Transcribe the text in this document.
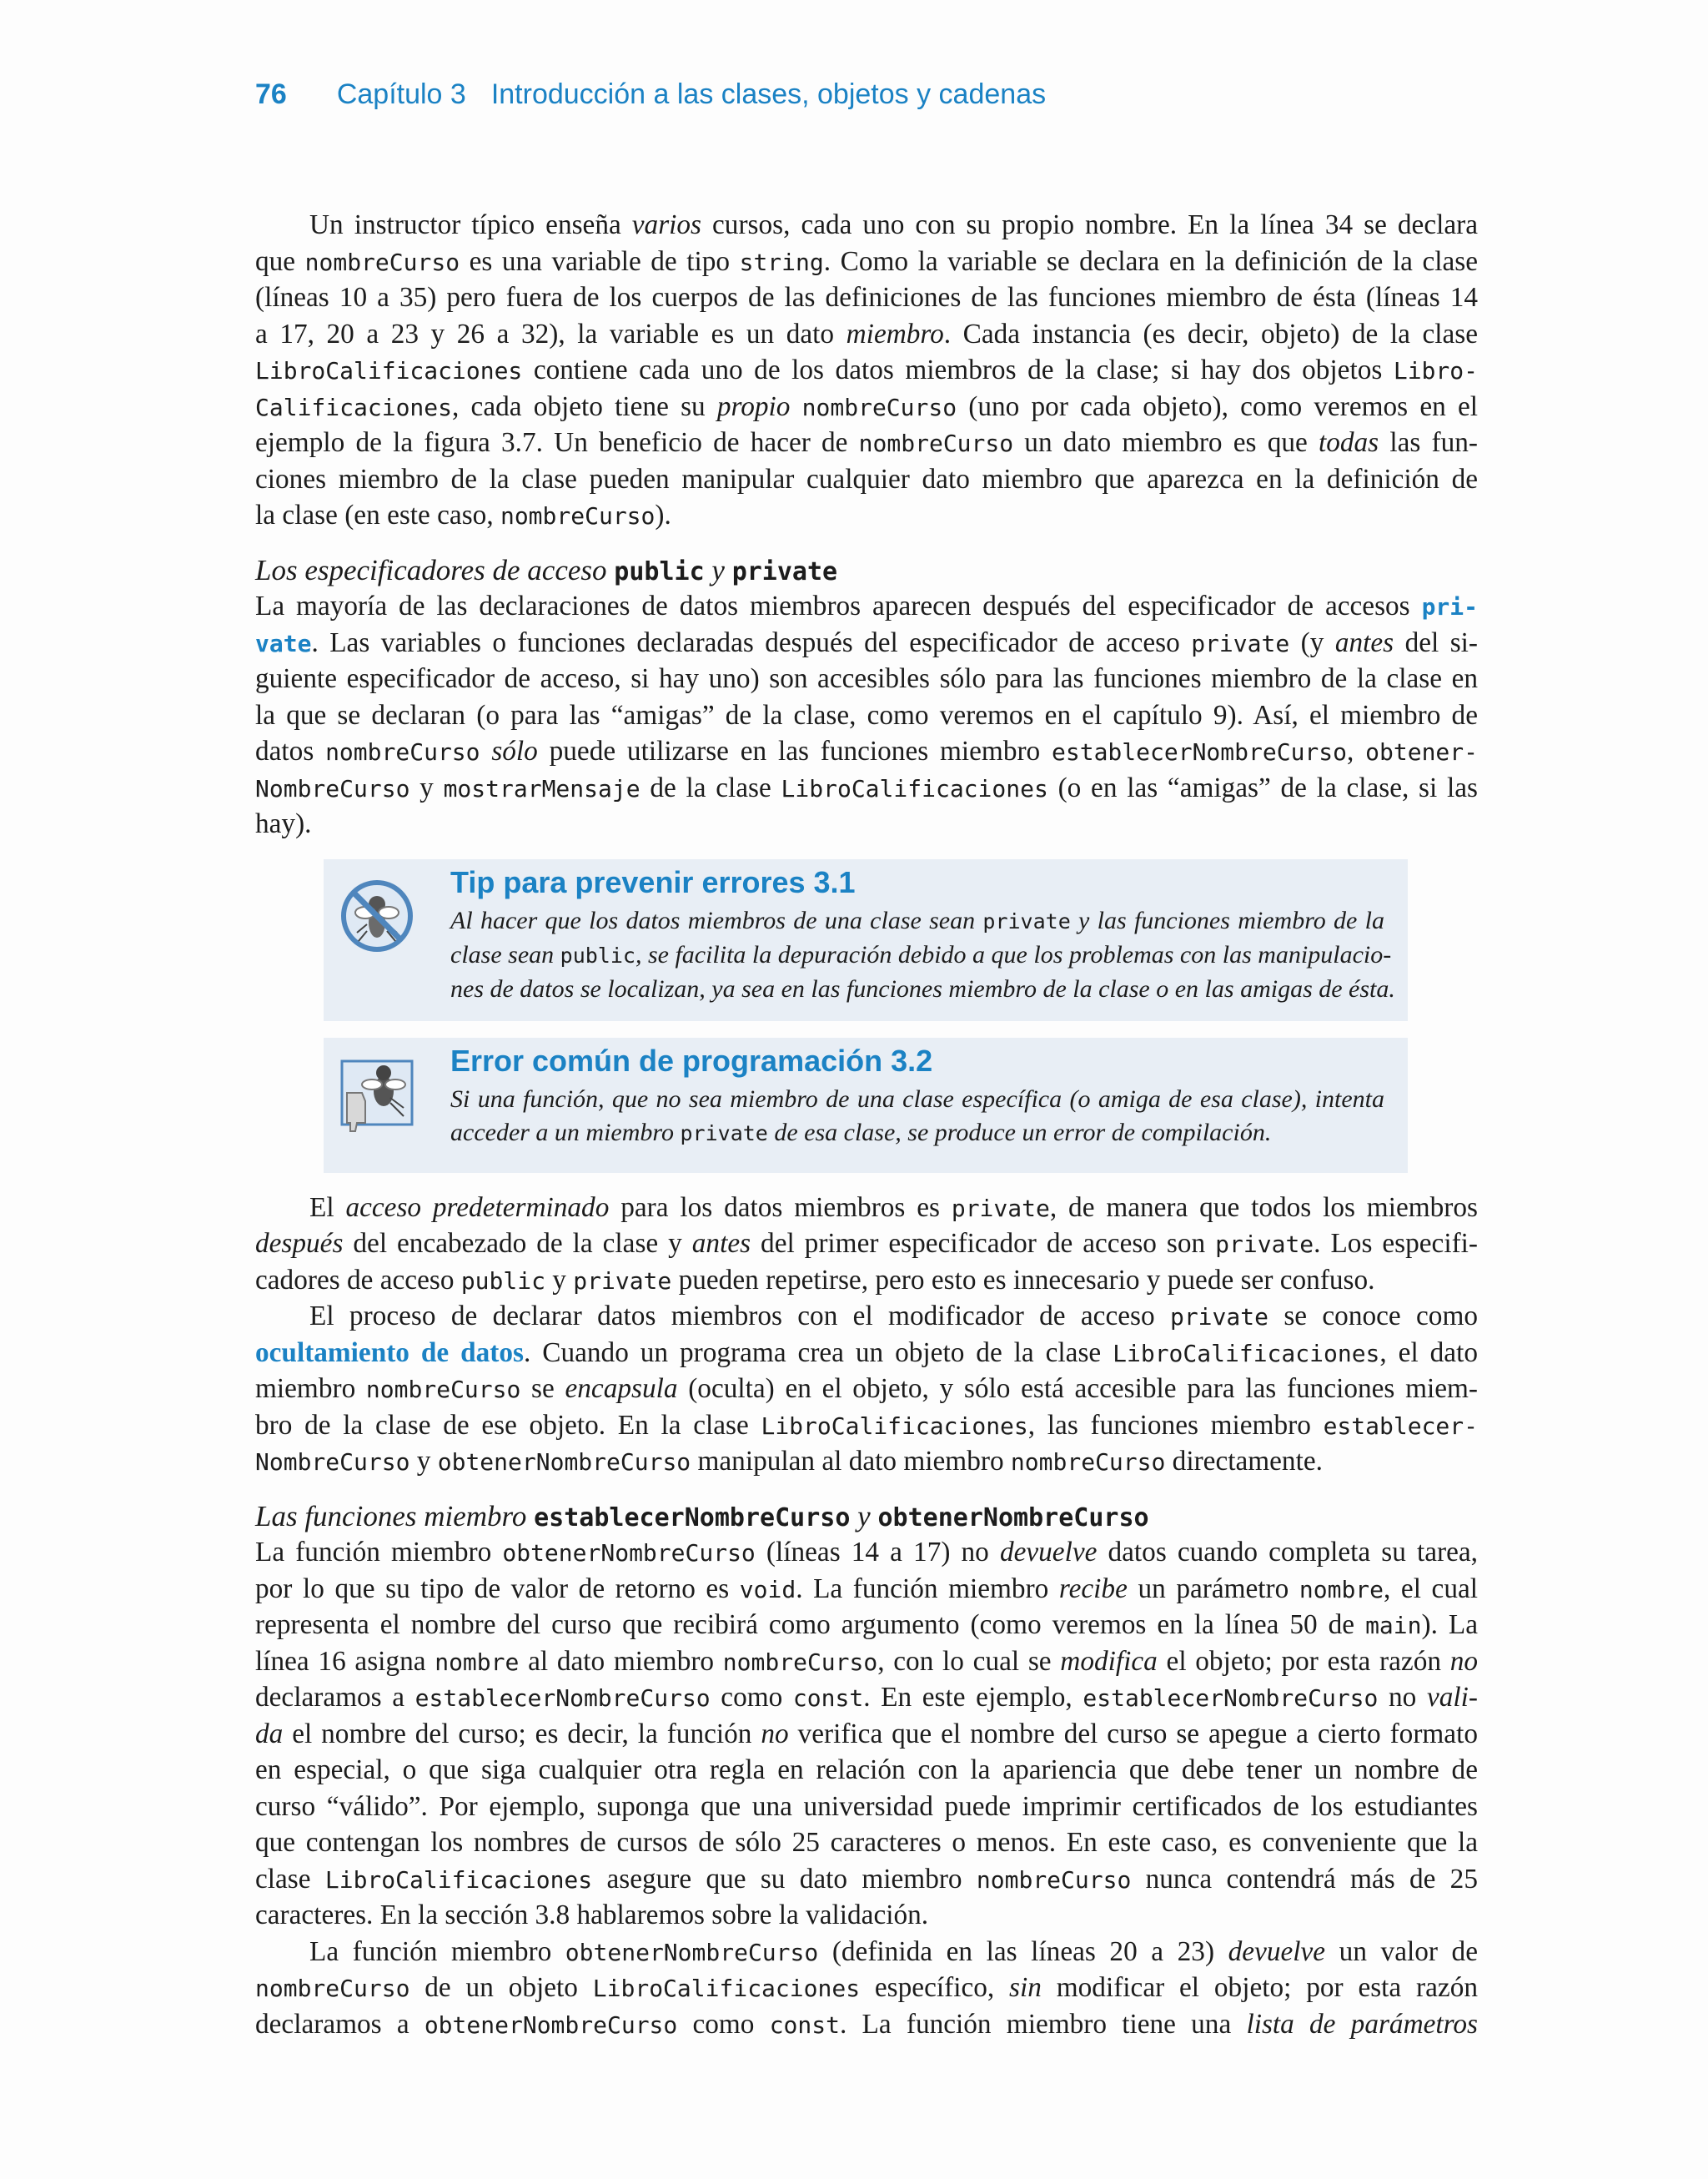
76 Capítulo 3 Introducción a las clases, objetos y cadenas
Un instructor típico enseña varios cursos, cada uno con su propio nombre. En la línea 34 se declara
que nombreCurso es una variable de tipo string. Como la variable se declara en la definición de la clase
(líneas 10 a 35) pero fuera de los cuerpos de las definiciones de las funciones miembro de ésta (líneas 14
a 17, 20 a 23 y 26 a 32), la variable es un dato miembro. Cada instancia (es decir, objeto) de la clase
LibroCalificaciones contiene cada uno de los datos miembros de la clase; si hay dos objetos Libro-
Calificaciones, cada objeto tiene su propio nombreCurso (uno por cada objeto), como veremos en el
ejemplo de la figura 3.7. Un beneficio de hacer de nombreCurso un dato miembro es que todas las fun-
ciones miembro de la clase pueden manipular cualquier dato miembro que aparezca en la definición de
la clase (en este caso, nombreCurso).
Los especificadores de acceso public y private
La mayoría de las declaraciones de datos miembros aparecen después del especificador de accesos pri-
vate. Las variables o funciones declaradas después del especificador de acceso private (y antes del si-
guiente especificador de acceso, si hay uno) son accesibles sólo para las funciones miembro de la clase en
la que se declaran (o para las “amigas” de la clase, como veremos en el capítulo 9). Así, el miembro de
datos nombreCurso sólo puede utilizarse en las funciones miembro establecerNombreCurso, obtener-
NombreCurso y mostrarMensaje de la clase LibroCalificaciones (o en las “amigas” de la clase, si las
hay).
Tip para prevenir errores 3.1
Al hacer que los datos miembros de una clase sean private y las funciones miembro de la
clase sean public, se facilita la depuración debido a que los problemas con las manipulacio-
nes de datos se localizan, ya sea en las funciones miembro de la clase o en las amigas de ésta.
Error común de programación 3.2
Si una función, que no sea miembro de una clase específica (o amiga de esa clase), intenta
acceder a un miembro private de esa clase, se produce un error de compilación.
El acceso predeterminado para los datos miembros es private, de manera que todos los miembros
después del encabezado de la clase y antes del primer especificador de acceso son private. Los especifi-
cadores de acceso public y private pueden repetirse, pero esto es innecesario y puede ser confuso.
El proceso de declarar datos miembros con el modificador de acceso private se conoce como
ocultamiento de datos. Cuando un programa crea un objeto de la clase LibroCalificaciones, el dato
miembro nombreCurso se encapsula (oculta) en el objeto, y sólo está accesible para las funciones miem-
bro de la clase de ese objeto. En la clase LibroCalificaciones, las funciones miembro establecer-
NombreCurso y obtenerNombreCurso manipulan al dato miembro nombreCurso directamente.
Las funciones miembro establecerNombreCurso y obtenerNombreCurso
La función miembro obtenerNombreCurso (líneas 14 a 17) no devuelve datos cuando completa su tarea,
por lo que su tipo de valor de retorno es void. La función miembro recibe un parámetro nombre, el cual
representa el nombre del curso que recibirá como argumento (como veremos en la línea 50 de main). La
línea 16 asigna nombre al dato miembro nombreCurso, con lo cual se modifica el objeto; por esta razón no
declaramos a establecerNombreCurso como const. En este ejemplo, establecerNombreCurso no vali-
da el nombre del curso; es decir, la función no verifica que el nombre del curso se apegue a cierto formato
en especial, o que siga cualquier otra regla en relación con la apariencia que debe tener un nombre de
curso “válido”. Por ejemplo, suponga que una universidad puede imprimir certificados de los estudiantes
que contengan los nombres de cursos de sólo 25 caracteres o menos. En este caso, es conveniente que la
clase LibroCalificaciones asegure que su dato miembro nombreCurso nunca contendrá más de 25
caracteres. En la sección 3.8 hablaremos sobre la validación.
La función miembro obtenerNombreCurso (definida en las líneas 20 a 23) devuelve un valor de
nombreCurso de un objeto LibroCalificaciones específico, sin modificar el objeto; por esta razón
declaramos a obtenerNombreCurso como const. La función miembro tiene una lista de parámetros
